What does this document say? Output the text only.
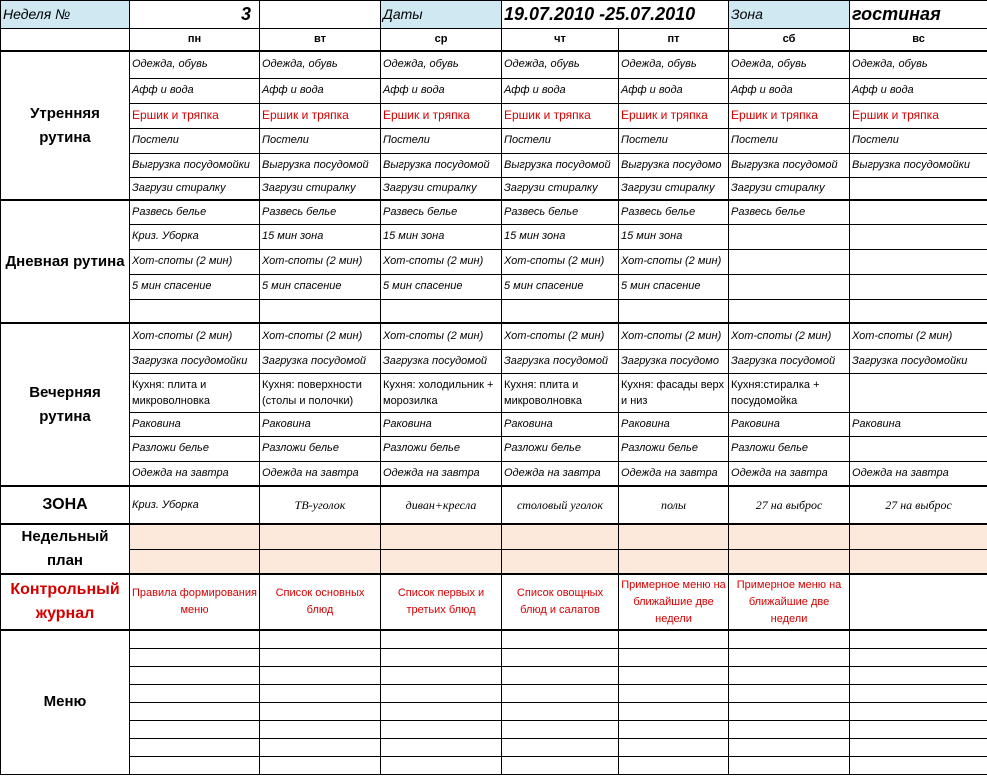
Неделя №	3		Даты	19.07.2010 -25.07.2010		Зона	гостиная
	пн	вт	ср	чт	пт	сб	вс
Утренняя рутина	Одежда, обувь	Одежда, обувь	Одежда, обувь	Одежда, обувь	Одежда, обувь	Одежда, обувь	Одежда, обувь
	Афф и вода	Афф и вода	Афф и вода	Афф и вода	Афф и вода	Афф и вода	Афф и вода
	Ершик и тряпка	Ершик и тряпка	Ершик и тряпка	Ершик и тряпка	Ершик и тряпка	Ершик и тряпка	Ершик и тряпка
	Постели	Постели	Постели	Постели	Постели	Постели	Постели
	Выгрузка посудомойки	Выгрузка посудомой	Выгрузка посудомой	Выгрузка посудомой	Выгрузка посудомо	Выгрузка посудомой	Выгрузка посудомойки
	Загрузи стиралку	Загрузи стиралку	Загрузи стиралку	Загрузи стиралку	Загрузи стиралку	Загрузи стиралку	
Дневная рутина	Развесь белье	Развесь белье	Развесь белье	Развесь белье	Развесь белье	Развесь белье	
	Криз. Уборка	15 мин зона	15 мин зона	15 мин зона	15 мин зона		
	Хот-споты (2 мин)	Хот-споты (2 мин)	Хот-споты (2 мин)	Хот-споты (2 мин)	Хот-споты (2 мин)		
	5 мин спасение	5 мин спасение	5 мин спасение	5 мин спасение	5 мин спасение		

Вечерняя рутина	Хот-споты (2 мин)	Хот-споты (2 мин)	Хот-споты (2 мин)	Хот-споты (2 мин)	Хот-споты (2 мин)	Хот-споты (2 мин)	Хот-споты (2 мин)
	Загрузка посудомойки	Загрузка посудомой	Загрузка посудомой	Загрузка посудомой	Загрузка посудомо	Загрузка посудомой	Загрузка посудомойки
	Кухня: плита и микроволновка	Кухня: поверхности (столы и полочки)	Кухня: холодильник + морозилка	Кухня: плита и микроволновка	Кухня: фасады верх и низ	Кухня:стиралка + посудомойка	
	Раковина	Раковина	Раковина	Раковина	Раковина	Раковина	Раковина
	Разложи белье	Разложи белье	Разложи белье	Разложи белье	Разложи белье	Разложи белье	
	Одежда на завтра	Одежда на завтра	Одежда на завтра	Одежда на завтра	Одежда на завтра	Одежда на завтра	Одежда на завтра
ЗОНА	Криз. Уборка	ТВ-уголок	диван+кресла	столовый уголок	полы	27 на выброс	27 на выброс
Недельный план							

Контрольный журнал	Правила формирования меню	Список основных блюд	Список первых и третьих блюд	Список овощных блюд и салатов	Примерное меню на ближайшие две недели	Примерное меню на ближайшие две недели	
Меню							
